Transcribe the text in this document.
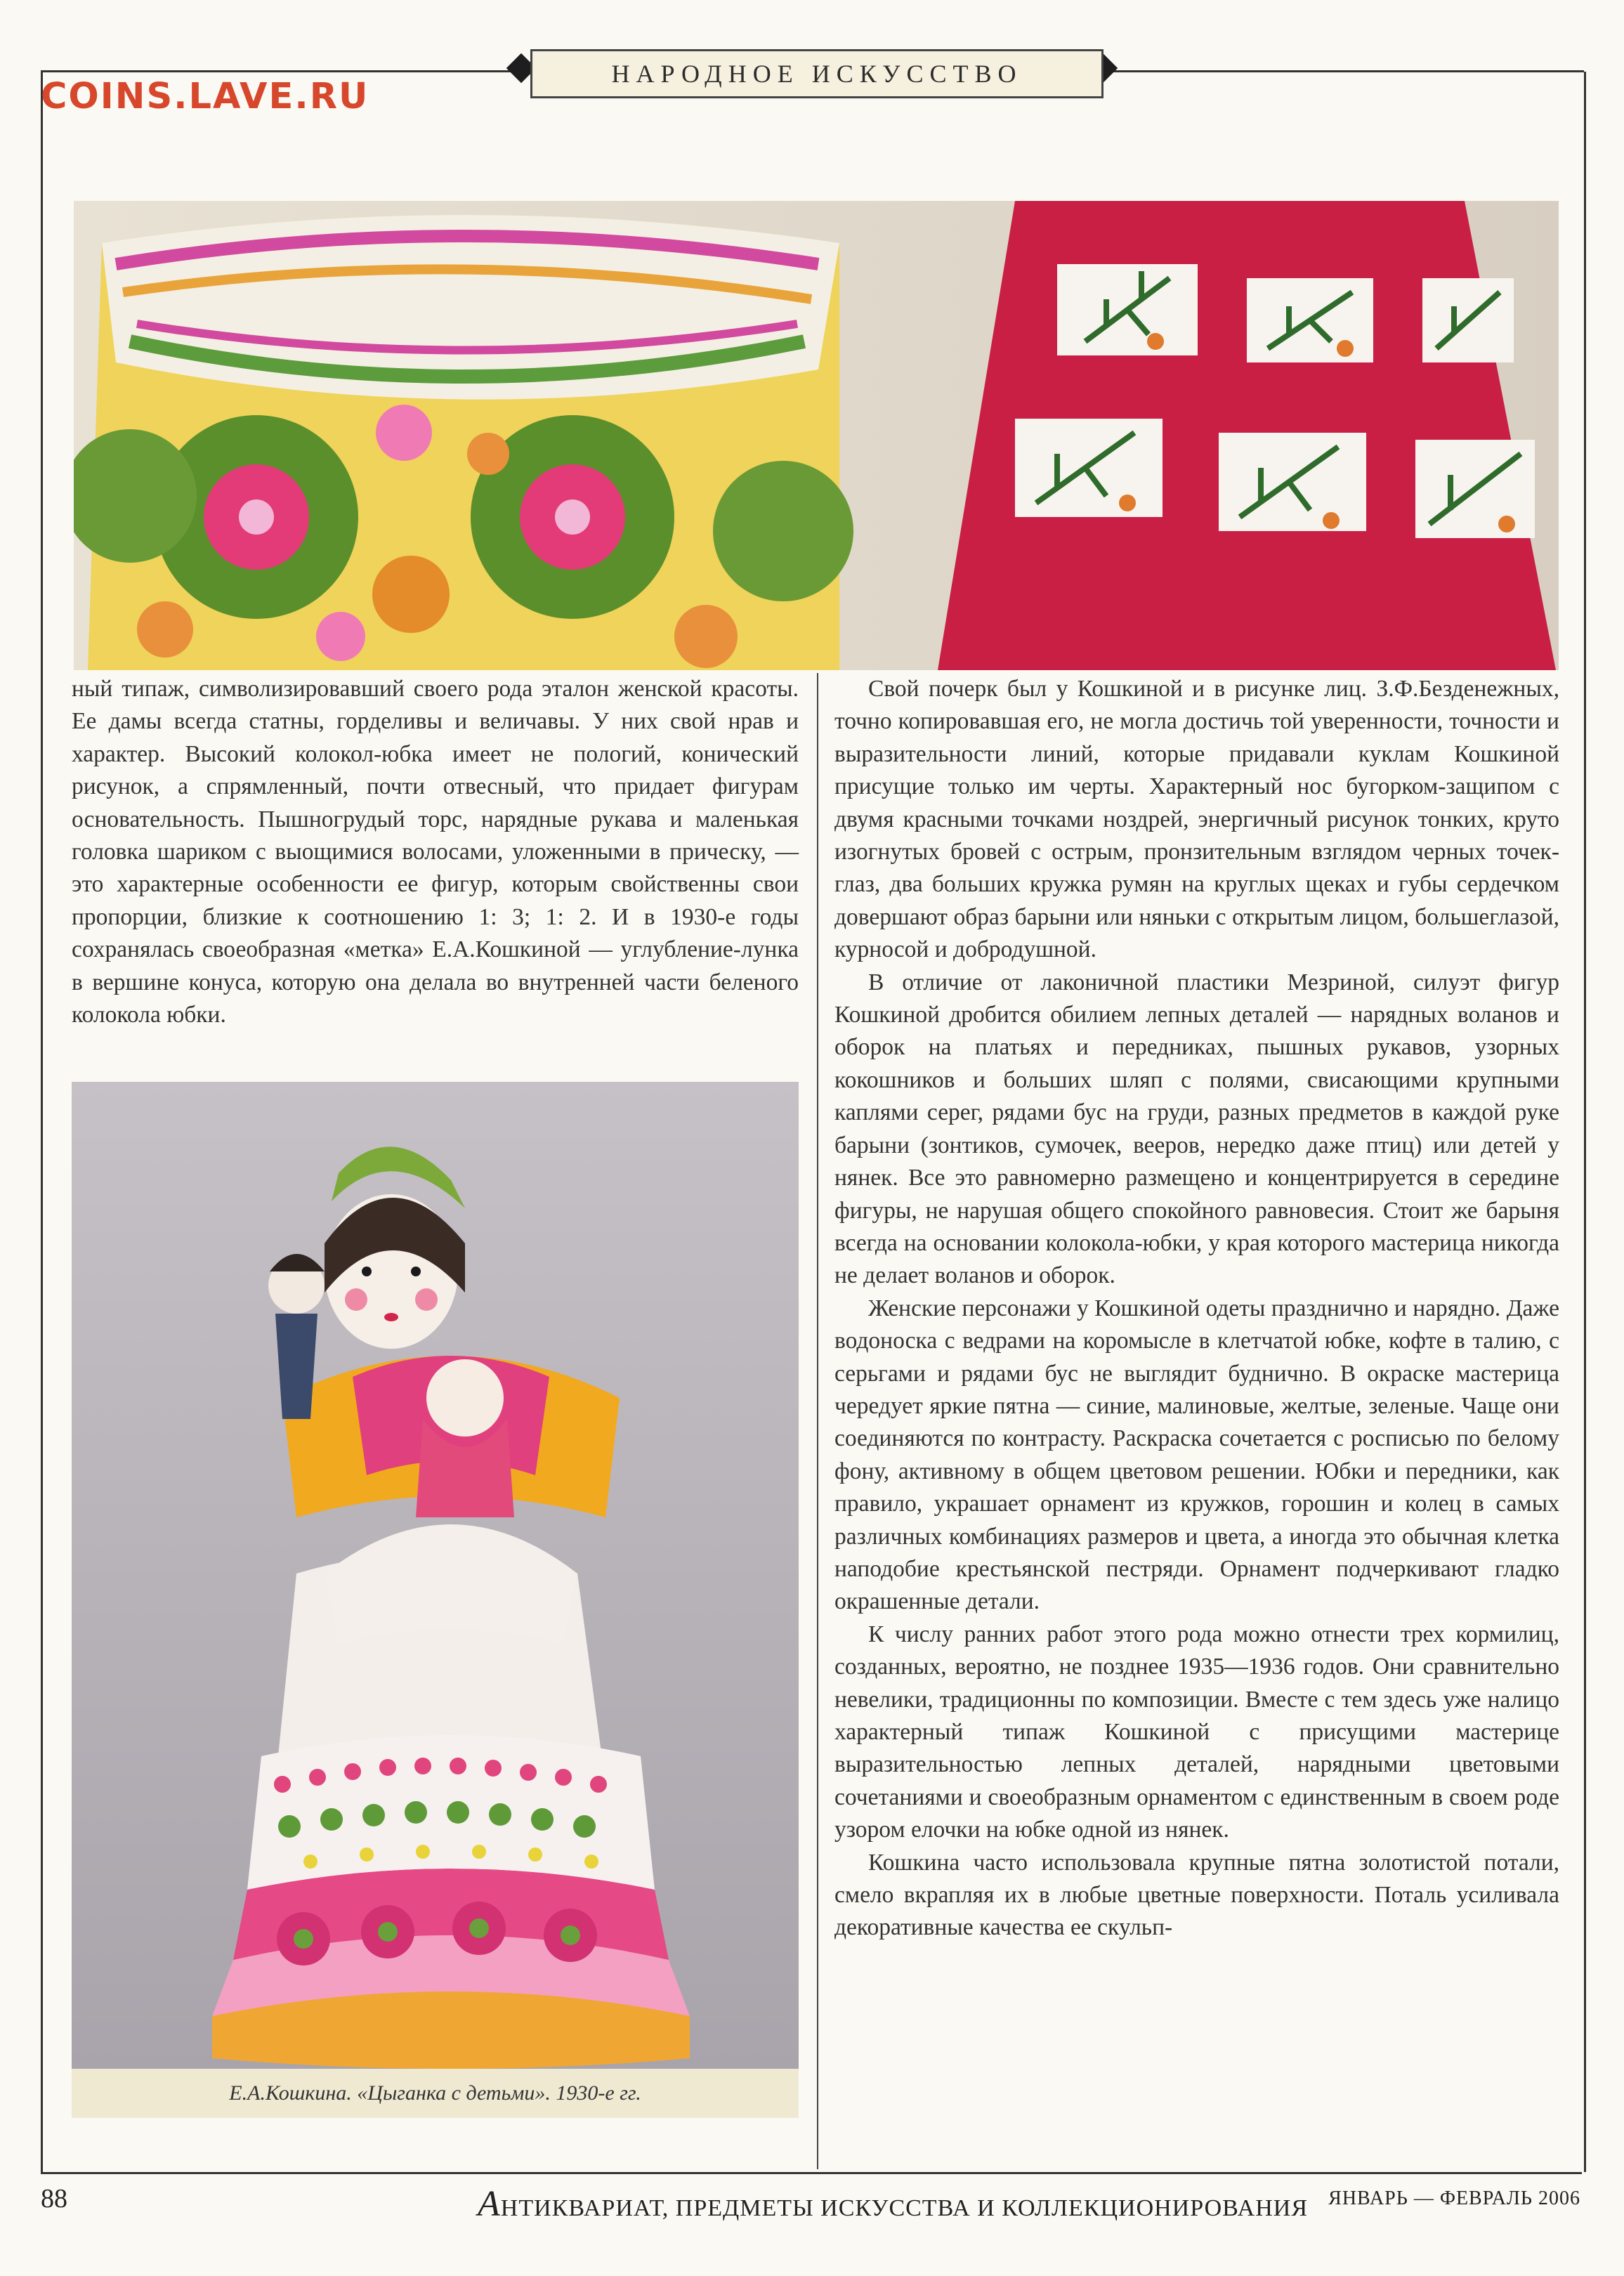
НАРОДНОЕ ИСКУССТВО
COINS.LAVE.RU

ный типаж, символизировавший своего рода эталон женской красоты. Ее дамы всегда статны, горделивы и величавы. У них свой нрав и характер. Высокий колокол-юбка имеет не пологий, конический рисунок, а спрямленный, почти отвесный, что придает фигурам основательность. Пышногрудый торс, нарядные рукава и маленькая головка шариком с выощимися волосами, уложенными в прическу, — это характерные особенности ее фигур, которым свойственны свои пропорции, близкие к соотношению 1: 3; 1: 2. И в 1930-е годы сохранялась своеобразная «метка» Е.А.Кошкиной — углубление-лунка в вершине конуса, которую она делала во внутренней части беленого колокола юбки.

Е.А.Кошкина. «Цыганка с детьми». 1930-е гг.

Свой почерк был у Кошкиной и в рисунке лиц. З.Ф.Безденежных, точно копировавшая его, не могла достичь той уверенности, точности и выразительности линий, которые придавали куклам Кошкиной присущие только им черты. Характерный нос бугорком-защипом с двумя красными точками ноздрей, энергичный рисунок тонких, круто изогнутых бровей с острым, пронзительным взглядом черных точек-глаз, два больших кружка румян на круглых щеках и губы сердечком довершают образ барыни или няньки с открытым лицом, большеглазой, курносой и добродушной.

В отличие от лаконичной пластики Мезриной, силуэт фигур Кошкиной дробится обилием лепных деталей — нарядных воланов и оборок на платьях и передниках, пышных рукавов, узорных кокошников и больших шляп с полями, свисающими крупными каплями серег, рядами бус на груди, разных предметов в каждой руке барыни (зонтиков, сумочек, вееров, нередко даже птиц) или детей у нянек. Все это равномерно размещено и концентрируется в середине фигуры, не нарушая общего спокойного равновесия. Стоит же барыня всегда на основании колокола-юбки, у края которого мастерица никогда не делает воланов и оборок.

Женские персонажи у Кошкиной одеты празднично и нарядно. Даже водоноска с ведрами на коромысле в клетчатой юбке, кофте в талию, с серьгами и рядами бус не выглядит буднично. В окраске мастерица чередует яркие пятна — синие, малиновые, желтые, зеленые. Чаще они соединяются по контрасту. Раскраска сочетается с росписью по белому фону, активному в общем цветовом решении. Юбки и передники, как правило, украшает орнамент из кружков, горошин и колец в самых различных комбинациях размеров и цвета, а иногда это обычная клетка наподобие крестьянской пестряди. Орнамент подчеркивают гладко окрашенные детали.

К числу ранних работ этого рода можно отнести трех кормилиц, созданных, вероятно, не позднее 1935—1936 годов. Они сравнительно невелики, традиционны по композиции. Вместе с тем здесь уже налицо характерный типаж Кошкиной с присущими мастерице выразительностью лепных деталей, нарядными цветовыми сочетаниями и своеобразным орнаментом с единственным в своем роде узором елочки на юбке одной из нянек.

Кошкина часто использовала крупные пятна золотистой потали, смело вкрапляя их в любые цветные поверхности. Поталь усиливала декоративные качества ее скульп-

88	АНТИКВАРИАТ, ПРЕДМЕТЫ ИСКУССТВА И КОЛЛЕКЦИОНИРОВАНИЯ ЯНВАРЬ — ФЕВРАЛЬ 2006
